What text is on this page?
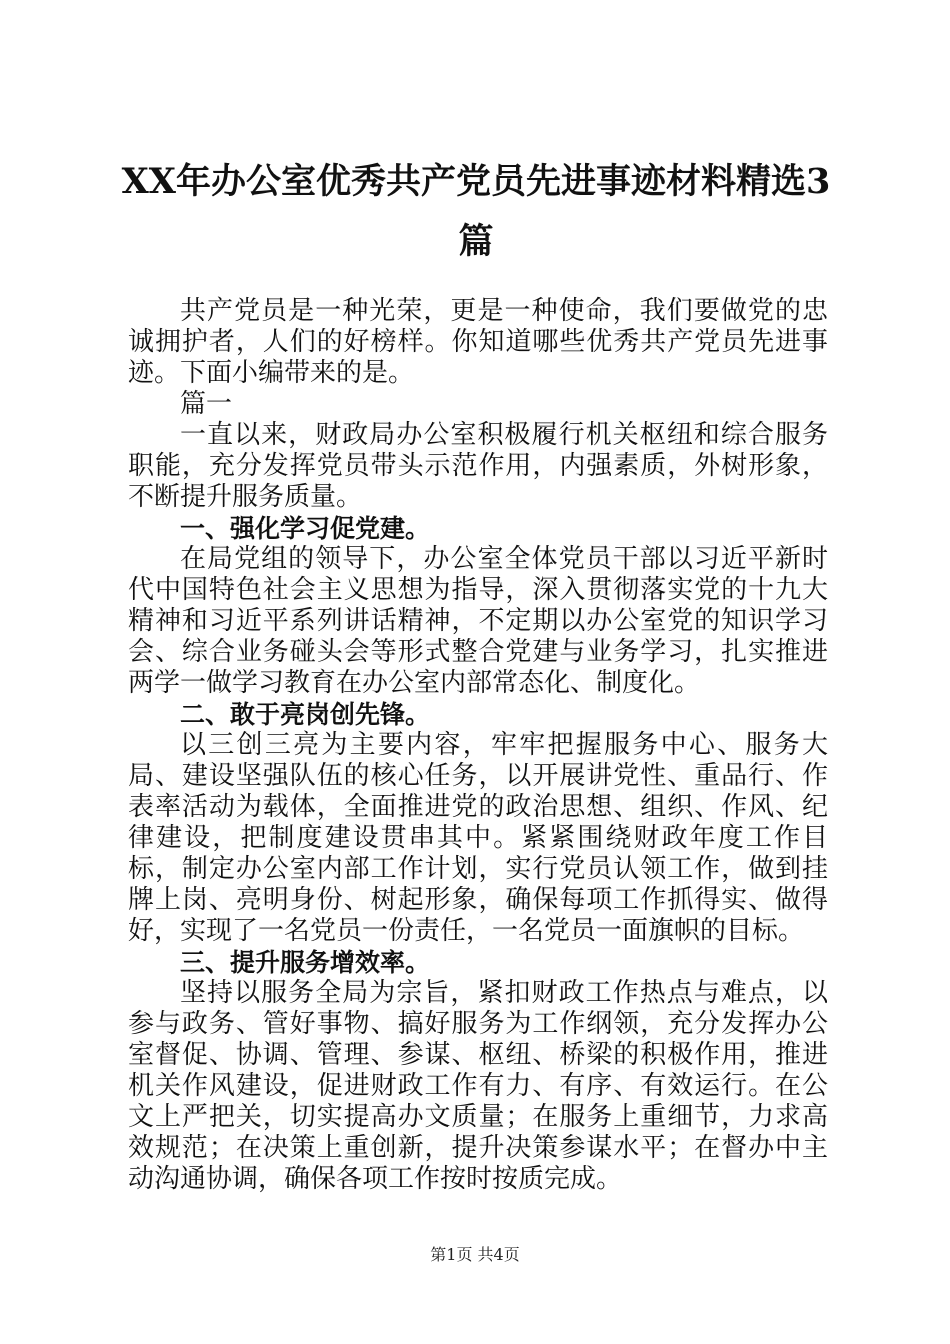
XX年办公室优秀共产党员先进事迹材料精选3篇

共产党员是一种光荣，更是一种使命，我们要做党的忠诚拥护者，人们的好榜样。你知道哪些优秀共产党员先进事迹。下面小编带来的是。

篇一

一直以来，财政局办公室积极履行机关枢纽和综合服务职能，充分发挥党员带头示范作用，内强素质，外树形象，不断提升服务质量。

一、强化学习促党建。

在局党组的领导下，办公室全体党员干部以习近平新时代中国特色社会主义思想为指导，深入贯彻落实党的十九大精神和习近平系列讲话精神，不定期以办公室党的知识学习会、综合业务碰头会等形式整合党建与业务学习，扎实推进两学一做学习教育在办公室内部常态化、制度化。

二、敢于亮岗创先锋。

以三创三亮为主要内容，牢牢把握服务中心、服务大局、建设坚强队伍的核心任务，以开展讲党性、重品行、作表率活动为载体，全面推进党的政治思想、组织、作风、纪律建设，把制度建设贯串其中。紧紧围绕财政年度工作目标，制定办公室内部工作计划，实行党员认领工作，做到挂牌上岗、亮明身份、树起形象，确保每项工作抓得实、做得好，实现了一名党员一份责任，一名党员一面旗帜的目标。

三、提升服务增效率。

坚持以服务全局为宗旨，紧扣财政工作热点与难点，以参与政务、管好事物、搞好服务为工作纲领，充分发挥办公室督促、协调、管理、参谋、枢纽、桥梁的积极作用，推进机关作风建设，促进财政工作有力、有序、有效运行。在公文上严把关，切实提高办文质量；在服务上重细节，力求高效规范；在决策上重创新，提升决策参谋水平；在督办中主动沟通协调，确保各项工作按时按质完成。

第1页 共4页
